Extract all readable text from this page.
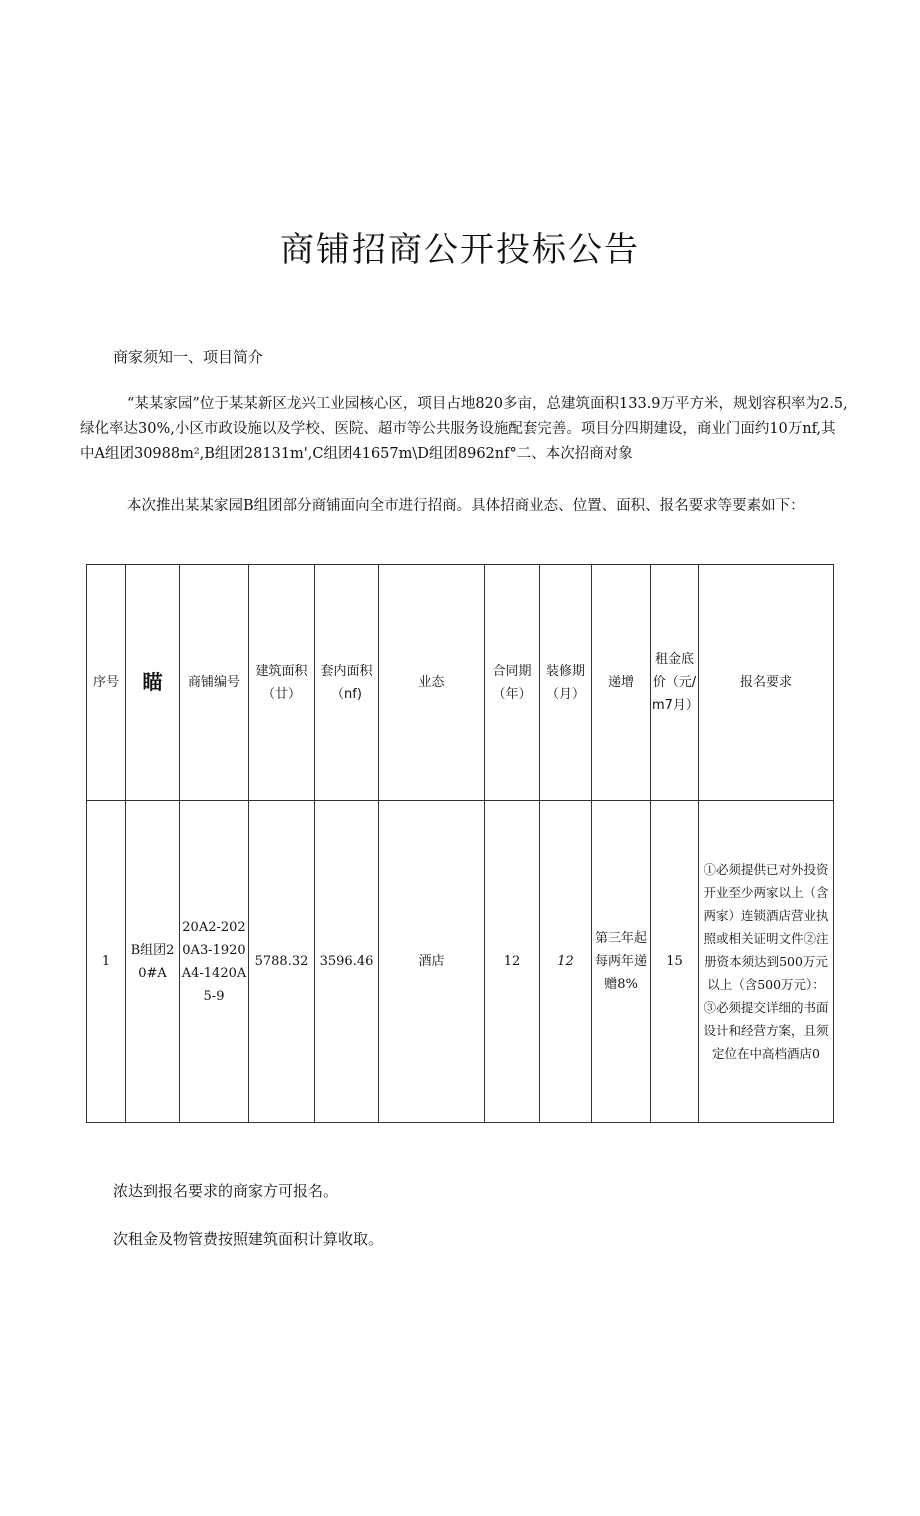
商铺招商公开投标公告
商家须知一、项目简介

“某某家园”位于某某新区龙兴工业园核心区，项目占地820多亩，总建筑面积133.9万平方米，规划容积率为2.5,绿化率达30%,小区市政设施以及学校、医院、超市等公共服务设施配套完善。项目分四期建设，商业门面约10万nf,其中A组团30988m²,B组团28131m',C组团41657m\D组团8962nf°二、本次招商对象

本次推出某某家园B组团部分商铺面向全市进行招商。具体招商业态、位置、面积、报名要求等要素如下：

序号	瞄	商铺编号	建筑面积（廿）	套内面积（nf)	业态	合同期（年）	装修期（月）	递增	租金底价（元/m7月）	报名要求
1	B组团20#A	20A2-2020A3-1920A4-1420A5-9	5788.32	3596.46	酒店	12	12	第三年起每两年递赠8%	15	①必须提供已对外投资开业至少两家以上（含两家）连锁酒店营业执照或相关证明文件②注册资本须达到500万元以上（含500万元）：③必须提交详细的书面设计和经营方案，且须定位在中高档酒店0
浓达到报名要求的商家方可报名。
次租金及物管费按照建筑面积计算收取。
